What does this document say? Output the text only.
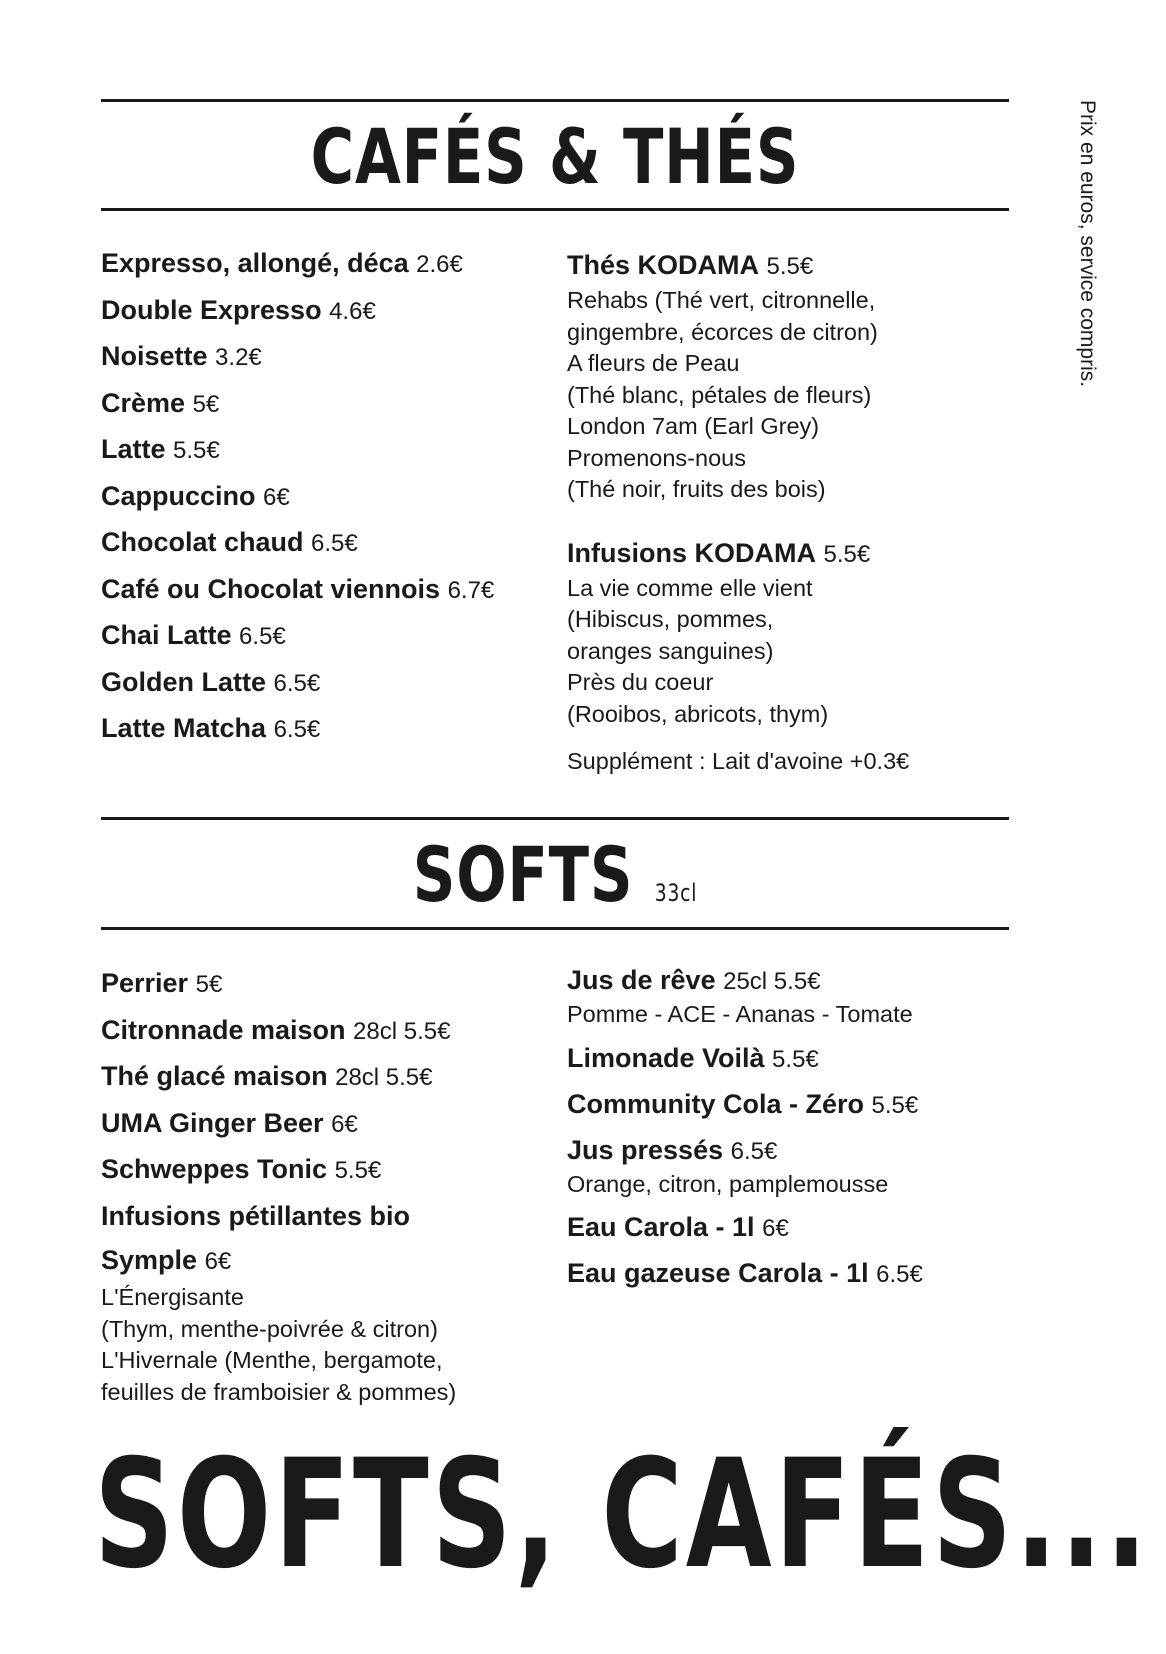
Prix en euros, service compris.
CAFÉS & THÉS
Expresso, allongé, déca 2.6€
Double Expresso 4.6€
Noisette 3.2€
Crème 5€
Latte 5.5€
Cappuccino 6€
Chocolat chaud 6.5€
Café ou Chocolat viennois 6.7€
Chai Latte 6.5€
Golden Latte 6.5€
Latte Matcha 6.5€
Thés KODAMA 5.5€
Rehabs (Thé vert, citronnelle,
gingembre, écorces de citron)
A fleurs de Peau
(Thé blanc, pétales de fleurs)
London 7am (Earl Grey)
Promenons-nous
(Thé noir, fruits des bois)
Infusions KODAMA 5.5€
La vie comme elle vient
(Hibiscus, pommes,
oranges sanguines)
Près du coeur
(Rooibos, abricots, thym)
Supplément : Lait d'avoine +0.3€
SOFTS 33cl
Perrier 5€
Citronnade maison 28cl 5.5€
Thé glacé maison 28cl 5.5€
UMA Ginger Beer 6€
Schweppes Tonic 5.5€
Infusions pétillantes bio
Symple 6€
L'Énergisante
(Thym, menthe-poivrée & citron)
L'Hivernale (Menthe, bergamote,
feuilles de framboisier & pommes)
Jus de rêve 25cl 5.5€
Pomme - ACE - Ananas - Tomate
Limonade Voilà 5.5€
Community Cola - Zéro 5.5€
Jus pressés 6.5€
Orange, citron, pamplemousse
Eau Carola - 1l 6€
Eau gazeuse Carola - 1l 6.5€
SOFTS, CAFÉS...
